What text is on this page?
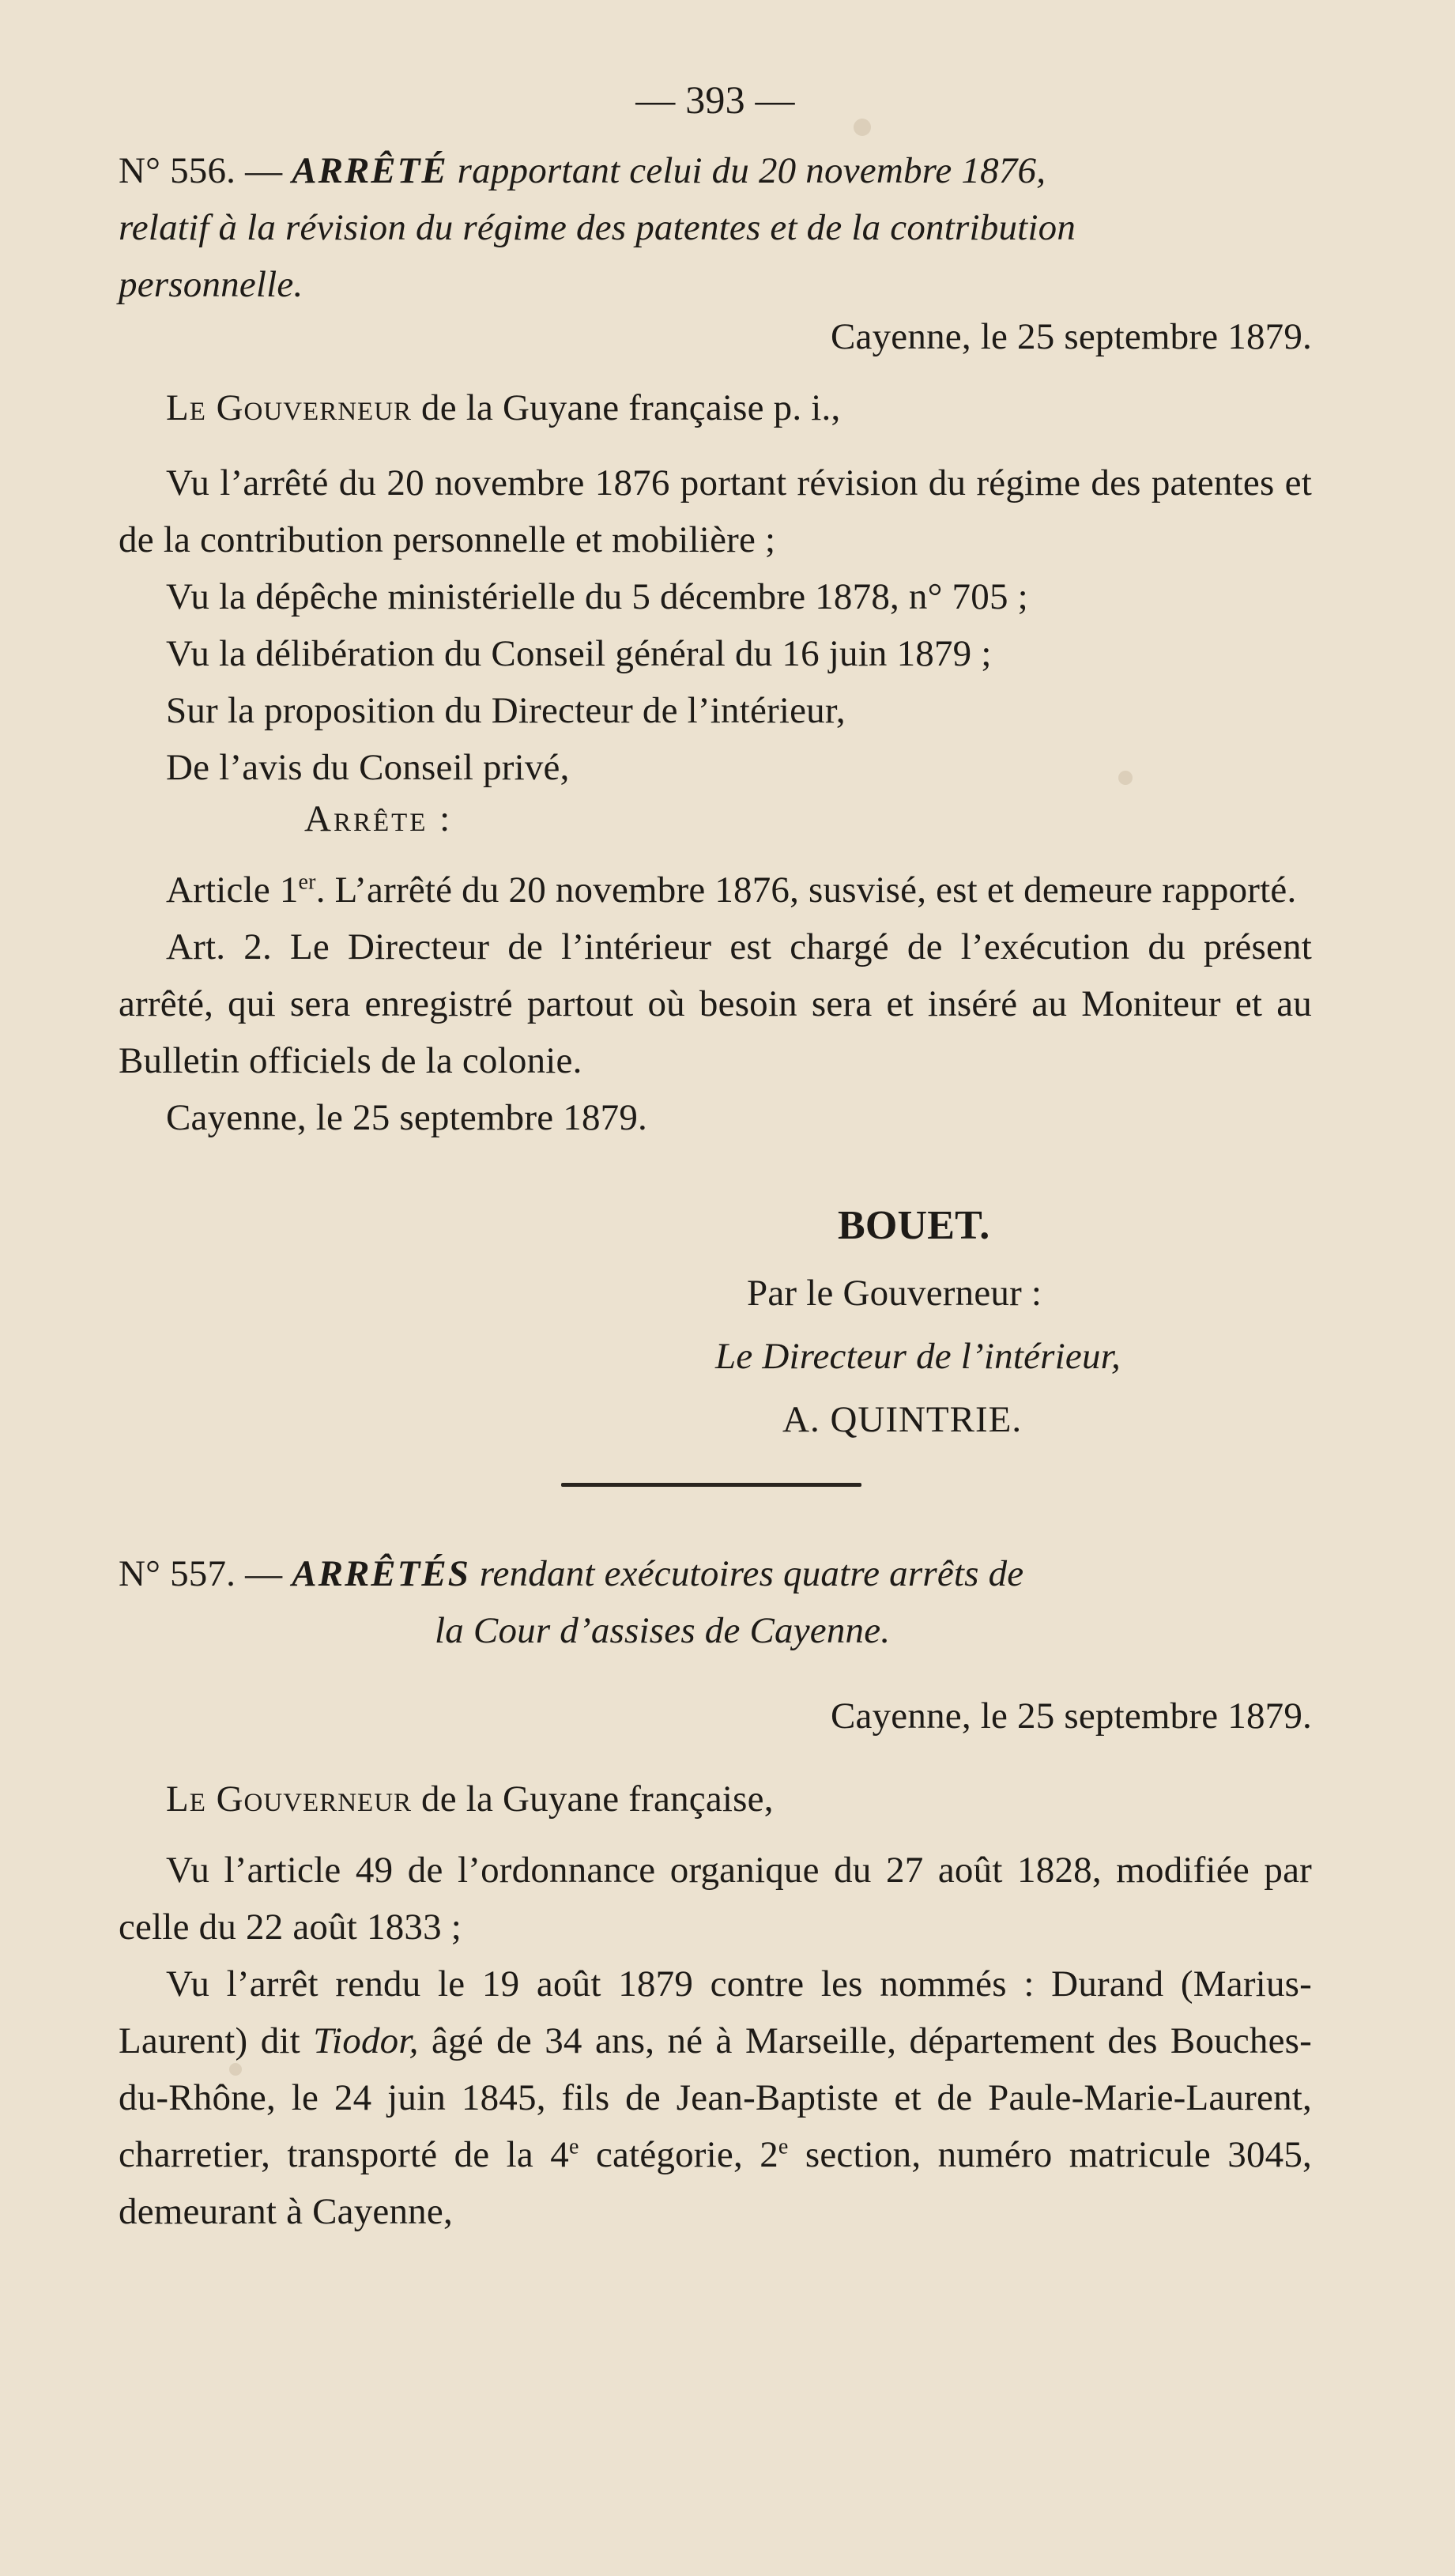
— 393 —
N° 556. — ARRÊTÉ rapportant celui du 20 novembre 1876,
relatif à la révision du régime des patentes et de la contribution
personnelle.
Cayenne, le 25 septembre 1879.
Le Gouverneur de la Guyane française p. i.,

Vu l’arrêté du 20 novembre 1876 portant révision du régime des patentes et de la contribution personnelle et mobilière ;

Vu la dépêche ministérielle du 5 décembre 1878, n° 705 ;

Vu la délibération du Conseil général du 16 juin 1879 ;

Sur la proposition du Directeur de l’intérieur,

De l’avis du Conseil privé,

Arrête :

Article 1er. L’arrêté du 20 novembre 1876, susvisé, est et demeure rapporté.

Art. 2. Le Directeur de l’intérieur est chargé de l’exécution du présent arrêté, qui sera enregistré partout où besoin sera et inséré au Moniteur et au Bulletin officiels de la colonie.

Cayenne, le 25 septembre 1879.

BOUET.
Par le Gouverneur :
Le Directeur de l’intérieur,
A. QUINTRIE.
N° 557. — ARRÊTÉS rendant exécutoires quatre arrêts de
la Cour d’assises de Cayenne.
Cayenne, le 25 septembre 1879.
Le Gouverneur de la Guyane française,

Vu l’article 49 de l’ordonnance organique du 27 août 1828, modifiée par celle du 22 août 1833 ;

Vu l’arrêt rendu le 19 août 1879 contre les nommés : Durand (Marius-Laurent) dit Tiodor, âgé de 34 ans, né à Marseille, département des Bouches-du-Rhône, le 24 juin 1845, fils de Jean-Baptiste et de Paule-Marie-Laurent, charretier, transporté de la 4e catégorie, 2e section, numéro matricule 3045, demeurant à Cayenne,
